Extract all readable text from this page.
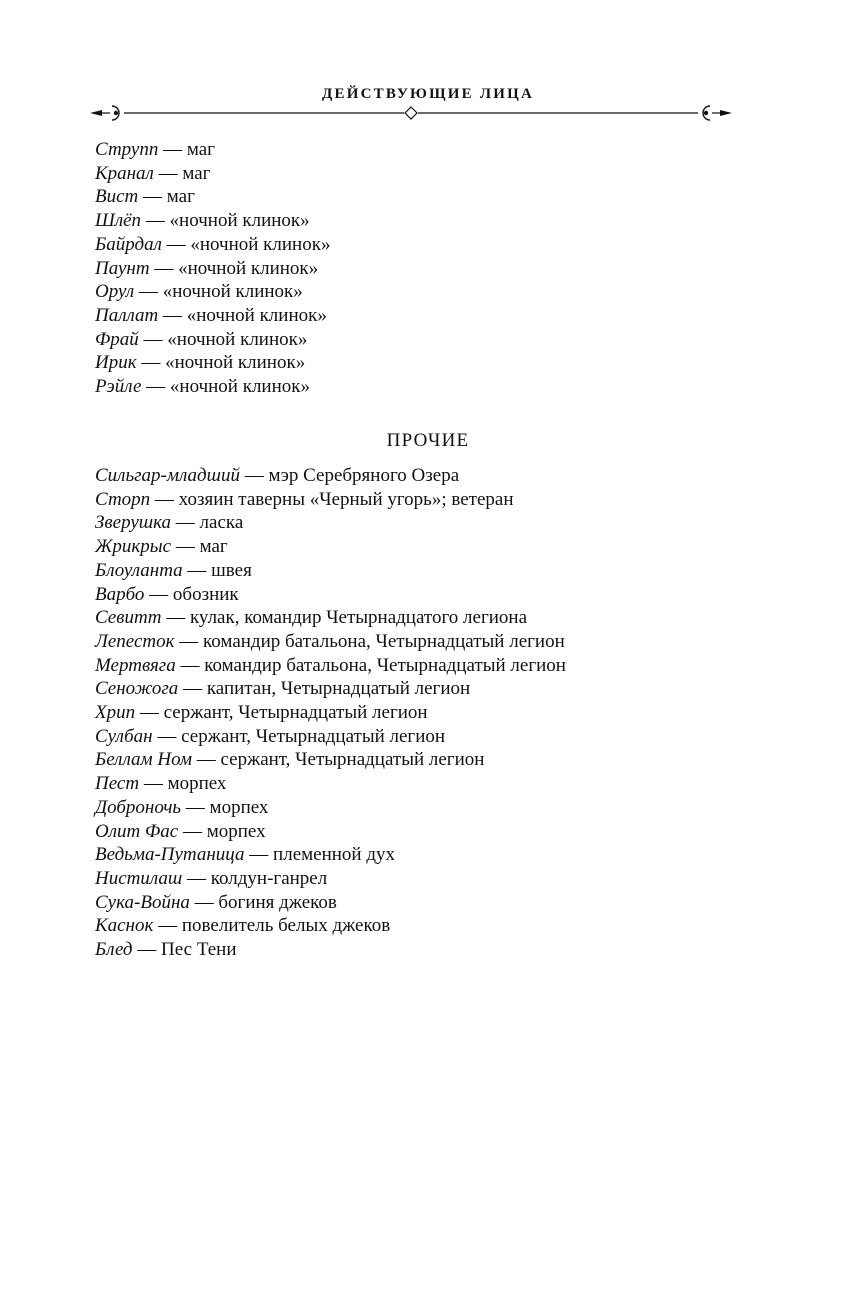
ДЕЙСТВУЮЩИЕ ЛИЦА
Струпп — маг
Кранал — маг
Вист — маг
Шлёп — «ночной клинок»
Байрдал — «ночной клинок»
Паунт — «ночной клинок»
Орул — «ночной клинок»
Паллат — «ночной клинок»
Фрай — «ночной клинок»
Ирик — «ночной клинок»
Рэйле — «ночной клинок»
ПРОЧИЕ
Сильгар-младший — мэр Серебряного Озера
Сторп — хозяин таверны «Черный угорь»; ветеран
Зверушка — ласка
Жрикрыс — маг
Блоуланта — швея
Варбо — обозник
Севитт — кулак, командир Четырнадцатого легиона
Лепесток — командир батальона, Четырнадцатый легион
Мертвяга — командир батальона, Четырнадцатый легион
Сеножога — капитан, Четырнадцатый легион
Хрип — сержант, Четырнадцатый легион
Сулбан — сержант, Четырнадцатый легион
Беллам Ном — сержант, Четырнадцатый легион
Пест — морпех
Доброночь — морпех
Олит Фас — морпех
Ведьма-Путаница — племенной дух
Нистилаш — колдун-ганрел
Сука-Война — богиня джеков
Каснок — повелитель белых джеков
Блед — Пес Тени
